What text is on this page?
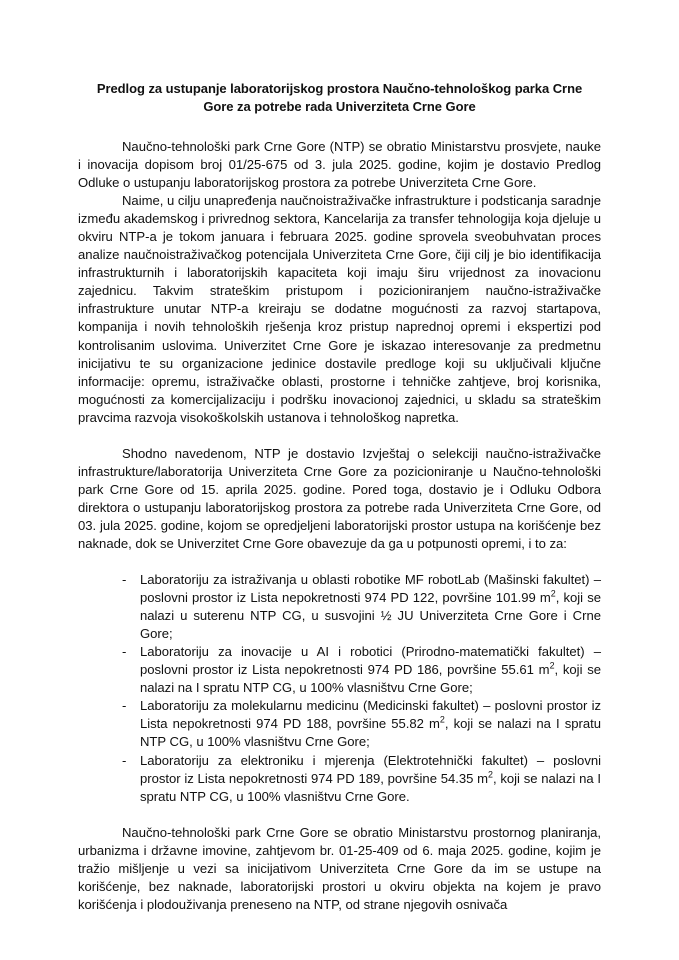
Predlog za ustupanje laboratorijskog prostora Naučno-tehnološkog parka Crne Gore za potrebe rada Univerziteta Crne Gore

Naučno-tehnološki park Crne Gore (NTP) se obratio Ministarstvu prosvjete, nauke i inovacija dopisom broj 01/25-675 od 3. jula 2025. godine, kojim je dostavio Predlog Odluke o ustupanju laboratorijskog prostora za potrebe Univerziteta Crne Gore.

Naime, u cilju unapređenja naučnoistraživačke infrastrukture i podsticanja saradnje između akademskog i privrednog sektora, Kancelarija za transfer tehnologija koja djeluje u okviru NTP-a je tokom januara i februara 2025. godine sprovela sveobuhvatan proces analize naučnoistraživačkog potencijala Univerziteta Crne Gore, čiji cilj je bio identifikacija infrastrukturnih i laboratorijskih kapaciteta koji imaju širu vrijednost za inovacionu zajednicu. Takvim strateškim pristupom i pozicioniranjem naučno-istraživačke infrastrukture unutar NTP-a kreiraju se dodatne mogućnosti za razvoj startapova, kompanija i novih tehnoloških rješenja kroz pristup naprednoj opremi i ekspertizi pod kontrolisanim uslovima. Univerzitet Crne Gore je iskazao interesovanje za predmetnu inicijativu te su organizacione jedinice dostavile predloge koji su uključivali ključne informacije: opremu, istraživačke oblasti, prostorne i tehničke zahtjeve, broj korisnika, mogućnosti za komercijalizaciju i podršku inovacionoj zajednici, u skladu sa strateškim pravcima razvoja visokoškolskih ustanova i tehnološkog napretka.

Shodno navedenom, NTP je dostavio Izvještaj o selekciji naučno-istraživačke infrastrukture/laboratorija Univerziteta Crne Gore za pozicioniranje u Naučno-tehnološki park Crne Gore od 15. aprila 2025. godine. Pored toga, dostavio je i Odluku Odbora direktora o ustupanju laboratorijskog prostora za potrebe rada Univerziteta Crne Gore, od 03. jula 2025. godine, kojom se opredjeljeni laboratorijski prostor ustupa na korišćenje bez naknade, dok se Univerzitet Crne Gore obavezuje da ga u potpunosti opremi, i to za:

- Laboratoriju za istraživanja u oblasti robotike MF robotLab (Mašinski fakultet) – poslovni prostor iz Lista nepokretnosti 974 PD 122, površine 101.99 $m^2$, koji se nalazi u suterenu NTP CG, u susvojini ½ JU Univerziteta Crne Gore i Crne Gore;
- Laboratoriju za inovacije u AI i robotici (Prirodno-matematički fakultet) – poslovni prostor iz Lista nepokretnosti 974 PD 186, površine 55.61 $m^2$, koji se nalazi na I spratu NTP CG, u 100% vlasništvu Crne Gore;
- Laboratoriju za molekularnu medicinu (Medicinski fakultet) – poslovni prostor iz Lista nepokretnosti 974 PD 188, površine 55.82 $m^2$, koji se nalazi na I spratu NTP CG, u 100% vlasništvu Crne Gore;
- Laboratoriju za elektroniku i mjerenja (Elektrotehnički fakultet) – poslovni prostor iz Lista nepokretnosti 974 PD 189, površine 54.35 $m^2$, koji se nalazi na I spratu NTP CG, u 100% vlasništvu Crne Gore.

Naučno-tehnološki park Crne Gore se obratio Ministarstvu prostornog planiranja, urbanizma i državne imovine, zahtjevom br. 01-25-409 od 6. maja 2025. godine, kojim je tražio mišljenje u vezi sa inicijativom Univerziteta Crne Gore da im se ustupe na korišćenje, bez naknade, laboratorijski prostori u okviru objekta na kojem je pravo korišćenja i plodouživanja preneseno na NTP, od strane njegovih osnivača
